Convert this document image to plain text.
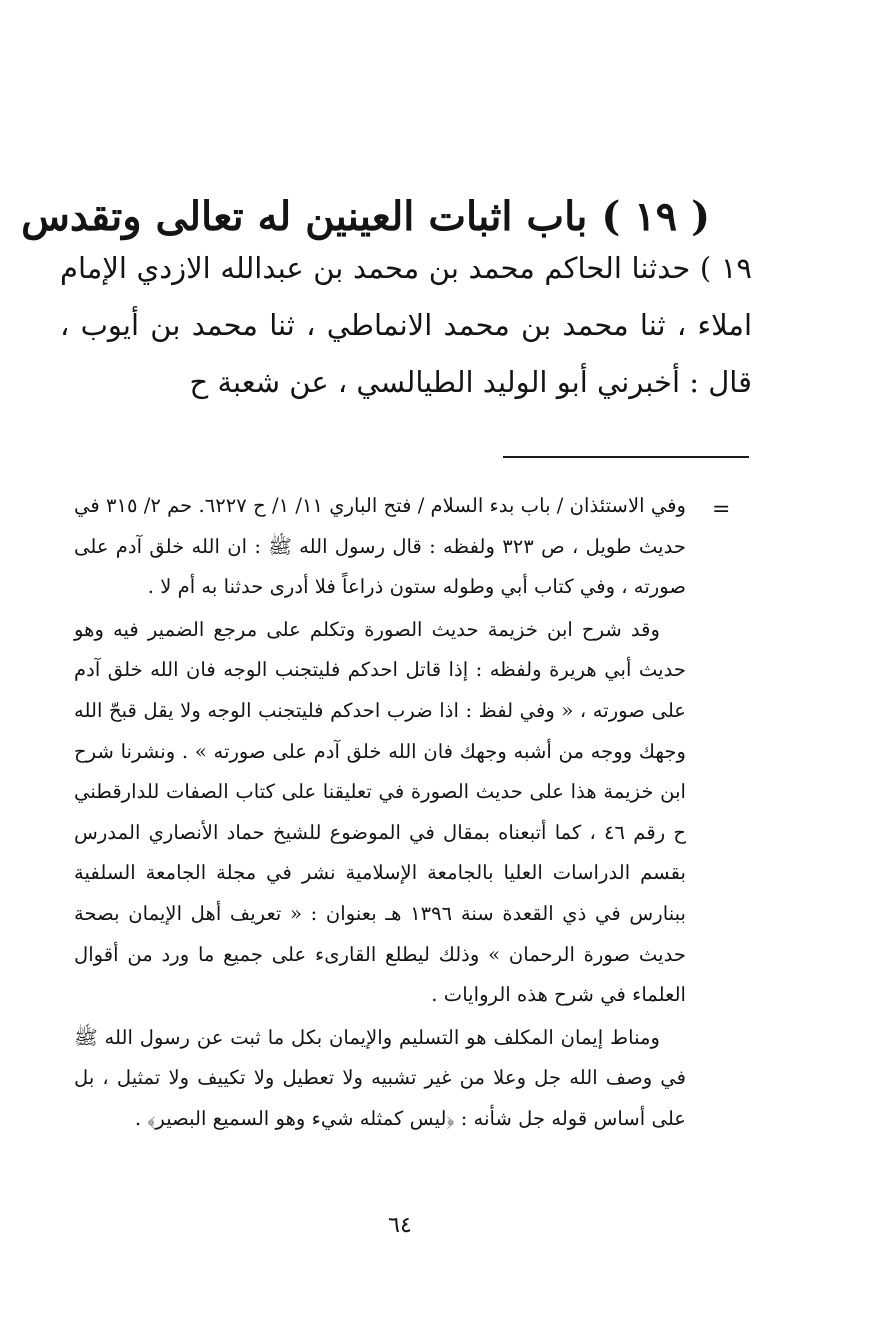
( ١٩ ) باب اثبات العينين له تعالى وتقدس

١٩ ) حدثنا الحاكم محمد بن محمد بن عبدالله الازدي الإمام املاء ، ثنا محمد بن محمد الانماطي ، ثنا محمد بن أيوب ، قال : أخبرني أبو الوليد الطيالسي ، عن شعبة ح

=

وفي الاستئذان / باب بدء السلام / فتح الباري ١١/ ١/ ح ٦٢٢٧. حم ٢/ ٣١٥ في حديث طويل ، ص ٣٢٣ ولفظه : قال رسول الله ﷺ : ان الله خلق آدم على صورته ، وفي كتاب أبي وطوله ستون ذراعاً فلا أدرى حدثنا به أم لا .

وقد شرح ابن خزيمة حديث الصورة وتكلم على مرجع الضمير فيه وهو حديث أبي هريرة ولفظه : إذا قاتل احدكم فليتجنب الوجه فان الله خلق آدم على صورته ، « وفي لفظ : اذا ضرب احدكم فليتجنب الوجه ولا يقل قبحّ الله وجهك ووجه من أشبه وجهك فان الله خلق آدم على صورته » . ونشرنا شرح ابن خزيمة هذا على حديث الصورة في تعليقنا على كتاب الصفات للدارقطني ح رقم ٤٦ ، كما أتبعناه بمقال في الموضوع للشيخ حماد الأنصاري المدرس بقسم الدراسات العليا بالجامعة الإسلامية نشر في مجلة الجامعة السلفية ببنارس في ذي القعدة سنة ١٣٩٦ هـ بعنوان : « تعريف أهل الإيمان بصحة حديث صورة الرحمان » وذلك ليطلع القارىء على جميع ما ورد من أقوال العلماء في شرح هذه الروايات .

ومناط إيمان المكلف هو التسليم والإيمان بكل ما ثبت عن رسول الله ﷺ في وصف الله جل وعلا من غير تشبيه ولا تعطيل ولا تكييف ولا تمثيل ، بل على أساس قوله جل شأنه : ﴿ليس كمثله شيء وهو السميع البصير﴾ .

٦٤
